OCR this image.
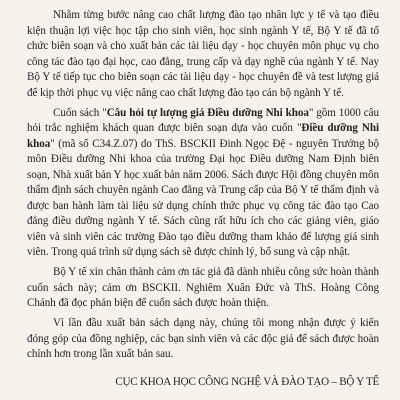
Nhằm từng bước nâng cao chất lượng đào tạo nhân lực y tế và tạo điều kiện thuận lợi việc học tập cho sinh viên, học sinh ngành Y tế, Bộ Y tế đã tổ chức biên soạn và cho xuất bản các tài liệu dạy - học chuyên môn phục vụ cho công tác đào tạo đại học, cao đẳng, trung cấp và dạy nghề của ngành Y tế. Nay Bộ Y tế tiếp tục cho biên soạn các tài liệu dạy - học chuyên đề và test lượng giá để kịp thời phục vụ việc nâng cao chất lượng đào tạo cán bộ ngành Y tế.

Cuốn sách "Câu hỏi tự lượng giá Điều dưỡng Nhi khoa" gồm 1000 câu hỏi trắc nghiệm khách quan được biên soạn dựa vào cuốn "Điều dưỡng Nhi khoa" (mã số C34.Z.07) do ThS. BSCKII Đinh Ngọc Đệ - nguyên Trưởng bộ môn Điều dưỡng Nhi khoa của trường Đại học Điều dưỡng Nam Định biên soạn, Nhà xuất bản Y học xuất bản năm 2006. Sách được Hội đồng chuyên môn thẩm định sách chuyên ngành Cao đẳng và Trung cấp của Bộ Y tế thẩm định và được ban hành làm tài liệu sử dụng chính thức phục vụ công tác đào tạo Cao đẳng điều dưỡng ngành Y tế. Sách cũng rất hữu ích cho các giảng viên, giáo viên và sinh viên các trường Đào tạo điều dưỡng tham khảo để lượng giá sinh viên. Trong quá trình sử dụng sách sẽ được chỉnh lý, bổ sung và cập nhật.

Bộ Y tế xin chân thành cảm ơn tác giả đã dành nhiều công sức hoàn thành cuốn sách này; cảm ơn BSCKII. Nghiêm Xuân Đức và ThS. Hoàng Công Chánh đã đọc phản biện để cuốn sách được hoàn thiện.

Vì lần đầu xuất bản sách dạng này, chúng tôi mong nhận được ý kiến đóng góp của đồng nghiệp, các bạn sinh viên và các độc giả để sách được hoàn chỉnh hơn trong lần xuất bản sau.

CỤC KHOA HỌC CÔNG NGHỆ VÀ ĐÀO TẠO – BỘ Y TẾ
